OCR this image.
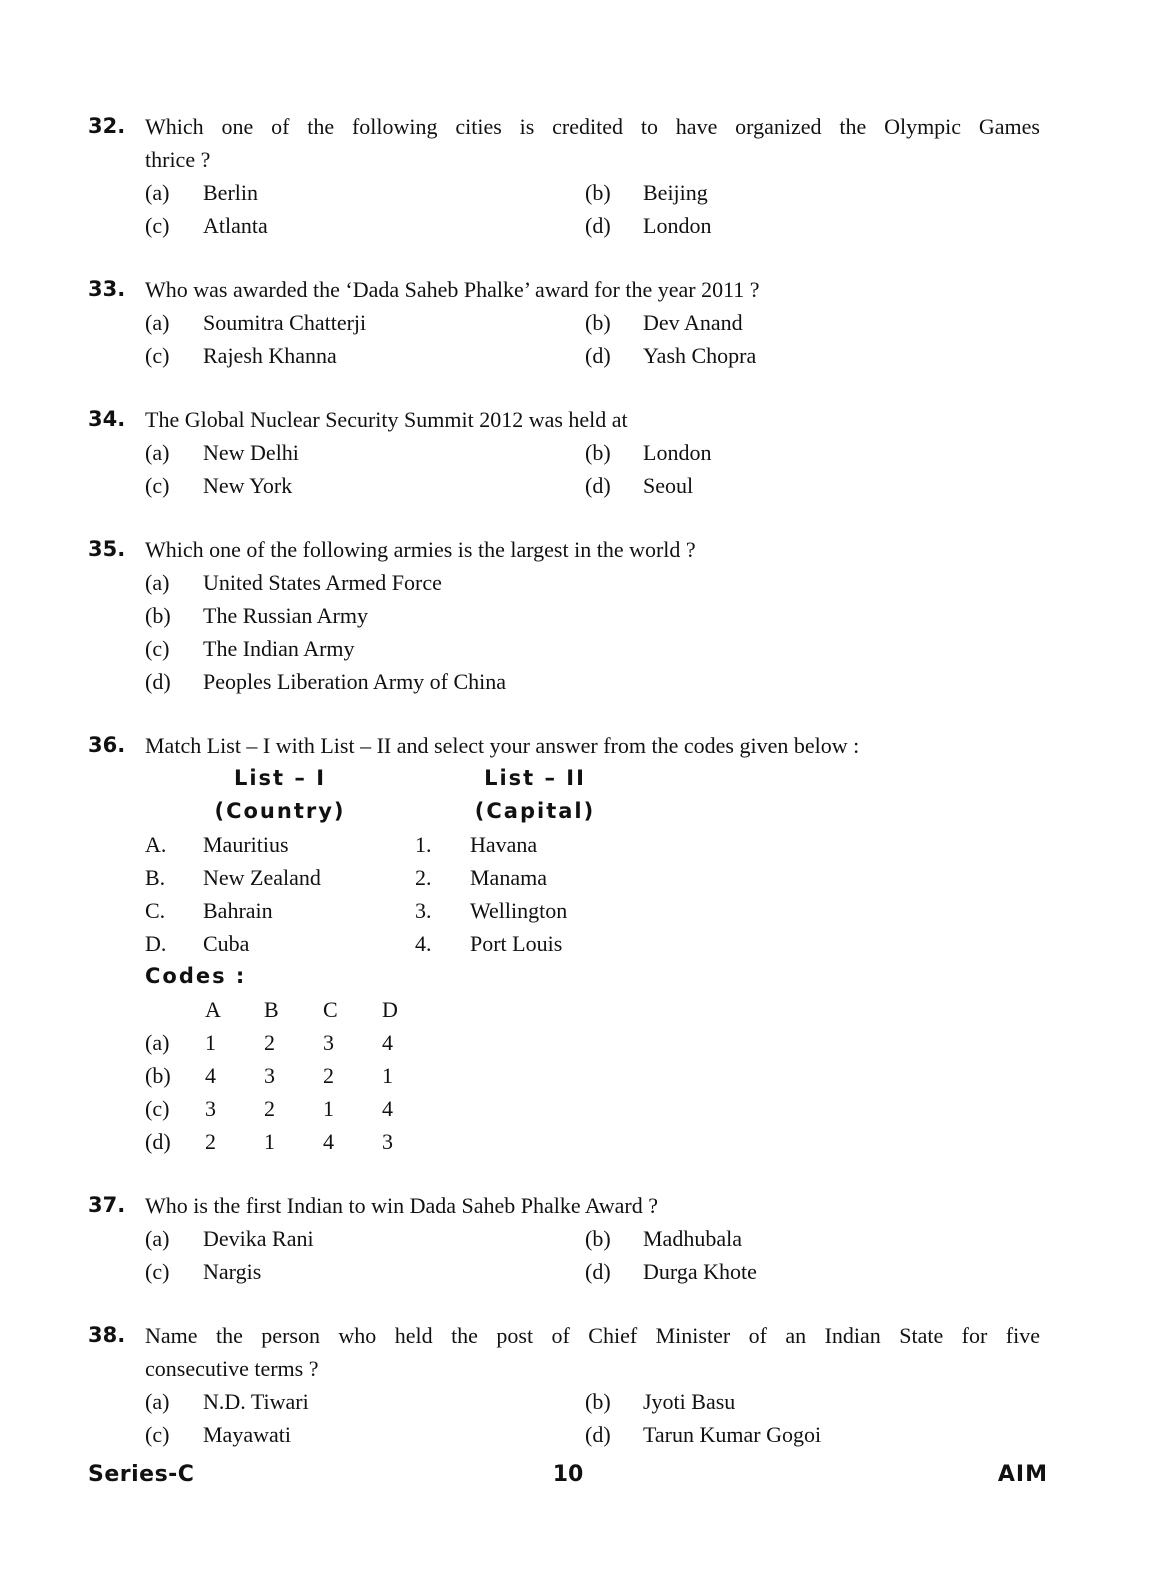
32. Which one of the following cities is credited to have organized the Olympic Games
thrice ?
(a)	Berlin	(b)	Beijing
(c)	Atlanta	(d)	London
33. Who was awarded the ‘Dada Saheb Phalke’ award for the year 2011 ?
(a)	Soumitra Chatterji	(b)	Dev Anand
(c)	Rajesh Khanna	(d)	Yash Chopra
34. The Global Nuclear Security Summit 2012 was held at
(a)	New Delhi	(b)	London
(c)	New York	(d)	Seoul
35. Which one of the following armies is the largest in the world ?
(a)	United States Armed Force
(b)	The Russian Army
(c)	The Indian Army
(d)	Peoples Liberation Army of China
36. Match List – I with List – II and select your answer from the codes given below :
List – I
(Country)
List – II
(Capital)
A.	Mauritius	1.	Havana
B.	New Zealand	2.	Manama
C.	Bahrain	3.	Wellington
D.	Cuba	4.	Port Louis
Codes :
A	B	C	D
(a)	1	2	3	4
(b)	4	3	2	1
(c)	3	2	1	4
(d)	2	1	4	3
37. Who is the first Indian to win Dada Saheb Phalke Award ?
(a)	Devika Rani	(b)	Madhubala
(c)	Nargis	(d)	Durga Khote
38. Name the person who held the post of Chief Minister of an Indian State for five
consecutive terms ?
(a)	N.D. Tiwari	(b)	Jyoti Basu
(c)	Mayawati	(d)	Tarun Kumar Gogoi
Series-C	10	AIM
